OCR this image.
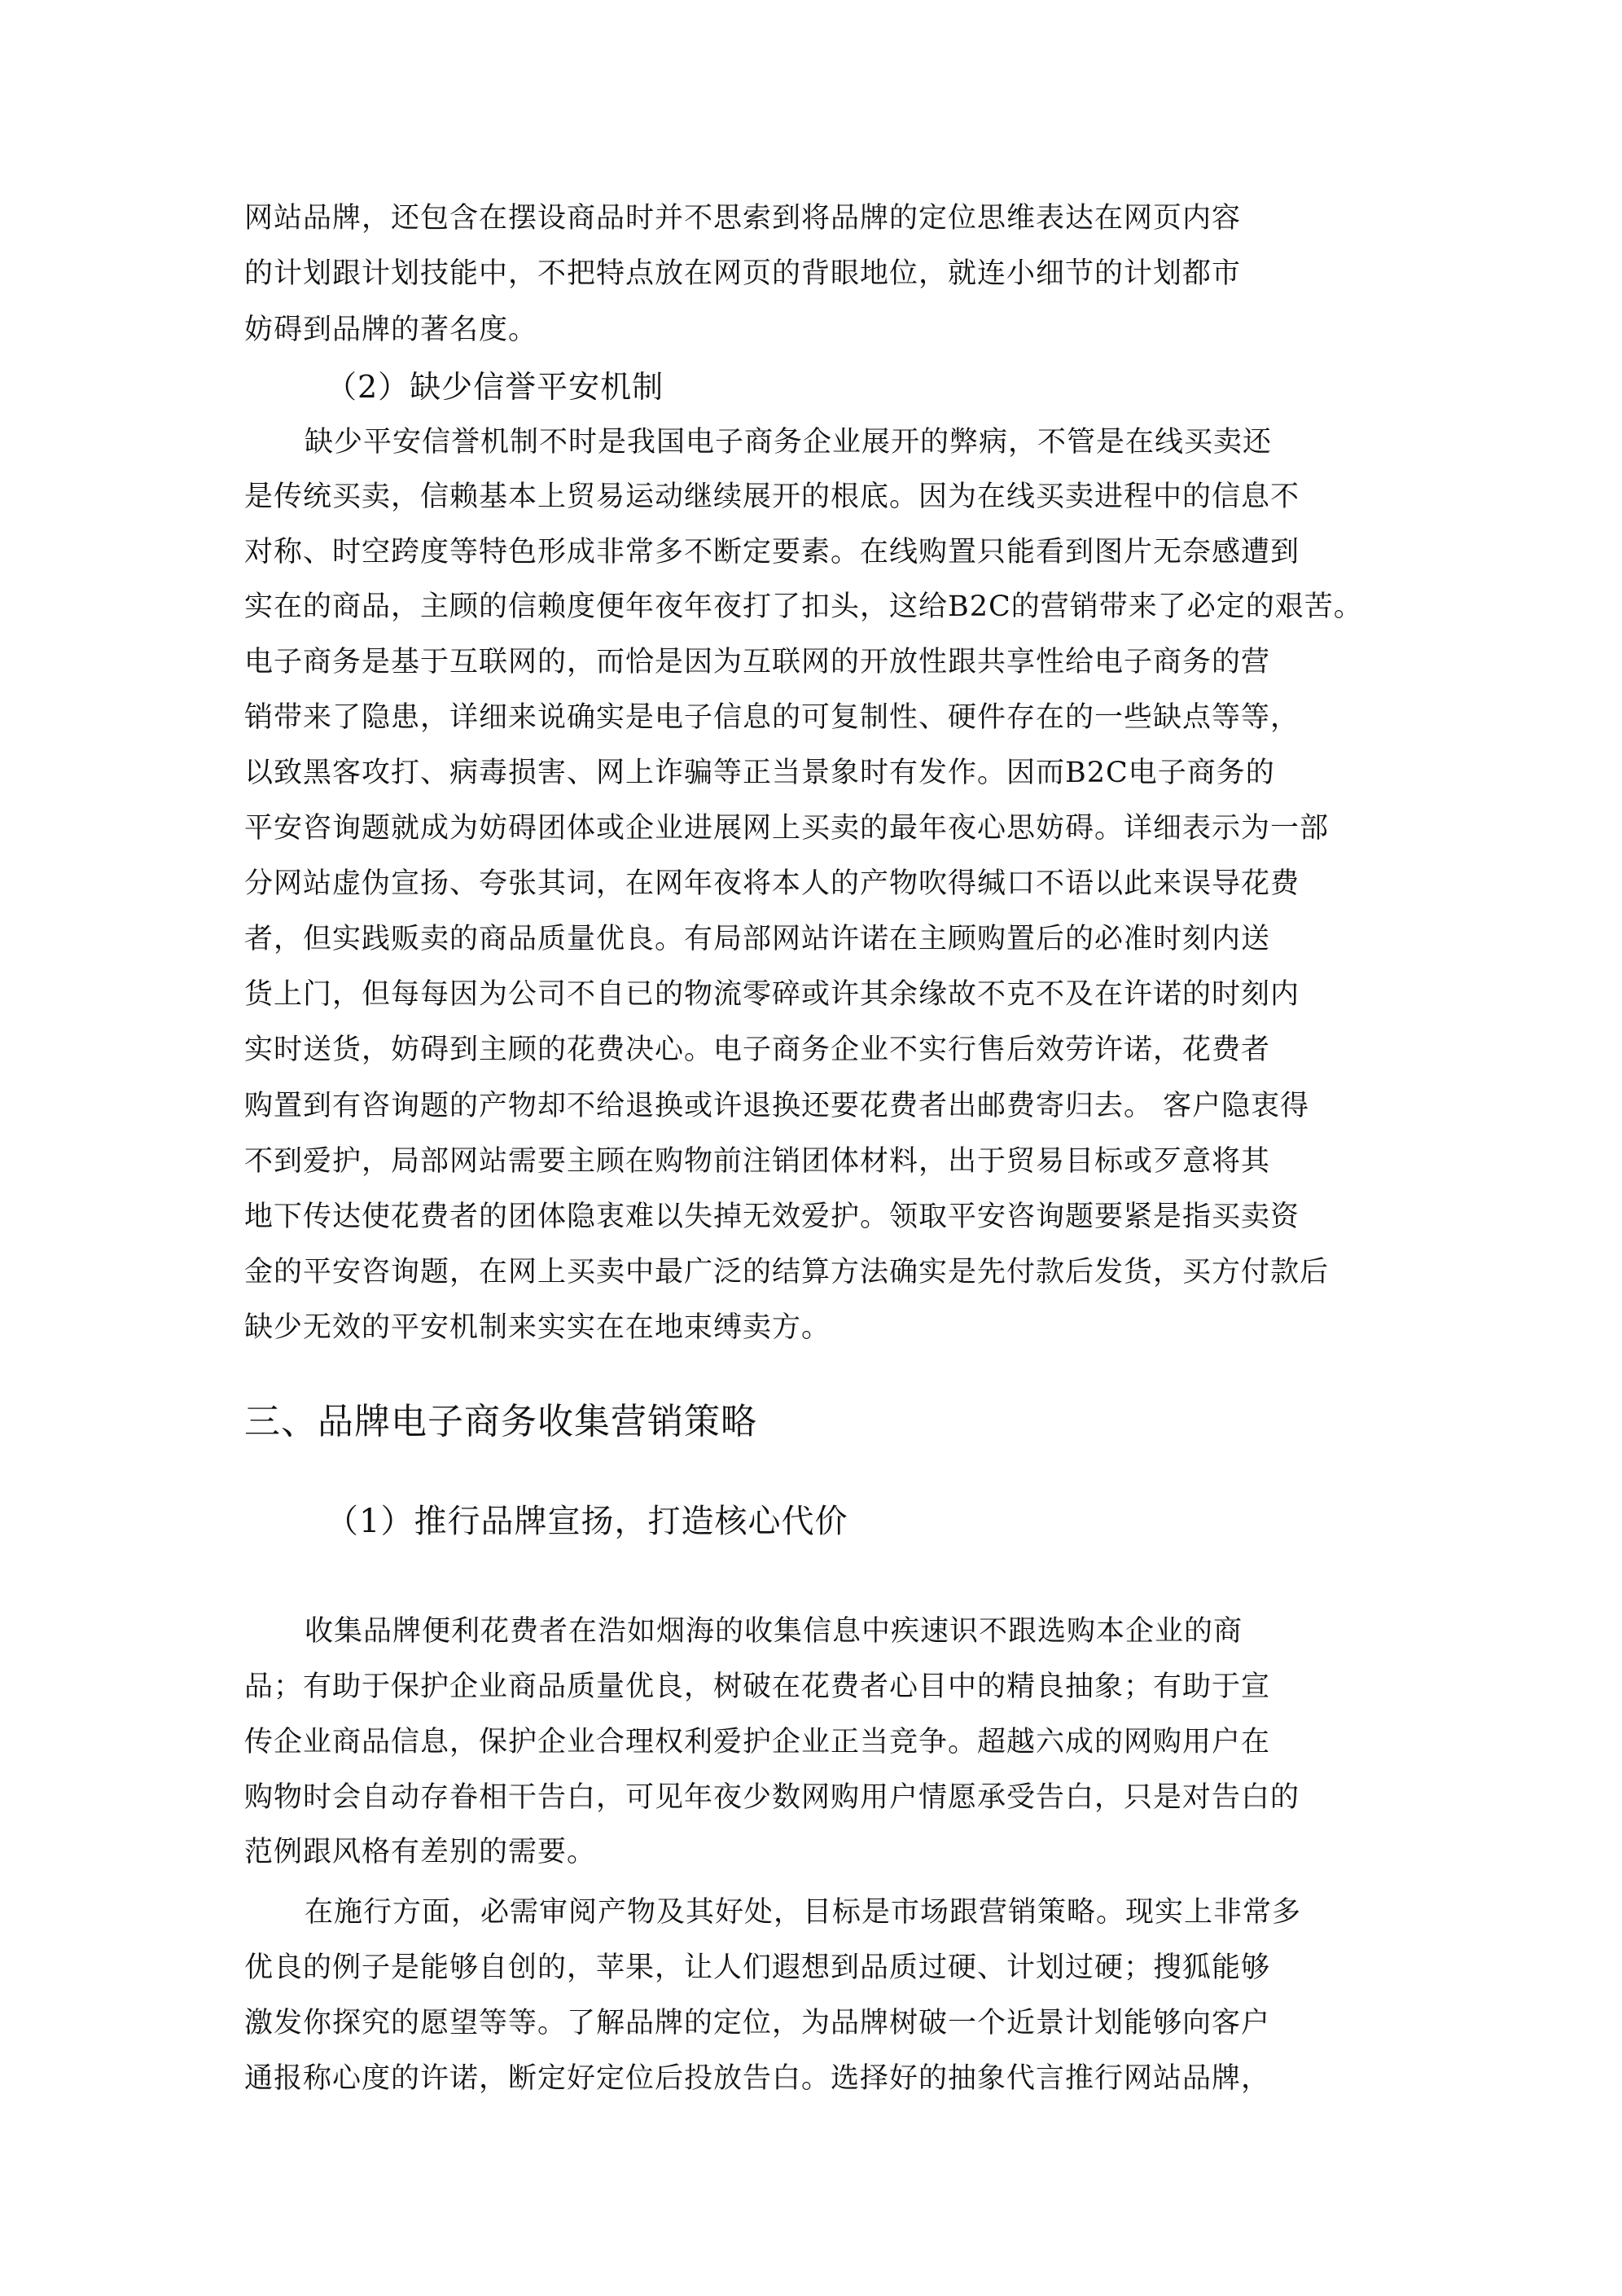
网站品牌，还包含在摆设商品时并不思索到将品牌的定位思维表达在网页内容
的计划跟计划技能中，不把特点放在网页的背眼地位，就连小细节的计划都市
妨碍到品牌的著名度。
（2）缺少信誉平安机制
缺少平安信誉机制不时是我国电子商务企业展开的弊病，不管是在线买卖还
是传统买卖，信赖基本上贸易运动继续展开的根底。因为在线买卖进程中的信息不
对称、时空跨度等特色形成非常多不断定要素。在线购置只能看到图片无奈感遭到
实在的商品，主顾的信赖度便年夜年夜打了扣头，这给B2C的营销带来了必定的艰苦。
电子商务是基于互联网的，而恰是因为互联网的开放性跟共享性给电子商务的营
销带来了隐患，详细来说确实是电子信息的可复制性、硬件存在的一些缺点等等，
以致黑客攻打、病毒损害、网上诈骗等正当景象时有发作。因而B2C电子商务的
平安咨询题就成为妨碍团体或企业进展网上买卖的最年夜心思妨碍。详细表示为一部
分网站虚伪宣扬、夸张其词，在网年夜将本人的产物吹得缄口不语以此来误导花费
者，但实践贩卖的商品质量优良。有局部网站许诺在主顾购置后的必准时刻内送
货上门，但每每因为公司不自已的物流零碎或许其余缘故不克不及在许诺的时刻内
实时送货，妨碍到主顾的花费决心。电子商务企业不实行售后效劳许诺，花费者
购置到有咨询题的产物却不给退换或许退换还要花费者出邮费寄归去。 客户隐衷得
不到爱护，局部网站需要主顾在购物前注销团体材料，出于贸易目标或歹意将其
地下传达使花费者的团体隐衷难以失掉无效爱护。领取平安咨询题要紧是指买卖资
金的平安咨询题，在网上买卖中最广泛的结算方法确实是先付款后发货，买方付款后
缺少无效的平安机制来实实在在地束缚卖方。
三、品牌电子商务收集营销策略
（1）推行品牌宣扬，打造核心代价
收集品牌便利花费者在浩如烟海的收集信息中疾速识不跟选购本企业的商
品；有助于保护企业商品质量优良，树破在花费者心目中的精良抽象；有助于宣
传企业商品信息，保护企业合理权利爱护企业正当竞争。超越六成的网购用户在
购物时会自动存眷相干告白，可见年夜少数网购用户情愿承受告白，只是对告白的
范例跟风格有差别的需要。
在施行方面，必需审阅产物及其好处，目标是市场跟营销策略。现实上非常多
优良的例子是能够自创的，苹果，让人们遐想到品质过硬、计划过硬；搜狐能够
激发你探究的愿望等等。了解品牌的定位，为品牌树破一个近景计划能够向客户
通报称心度的许诺，断定好定位后投放告白。选择好的抽象代言推行网站品牌，
